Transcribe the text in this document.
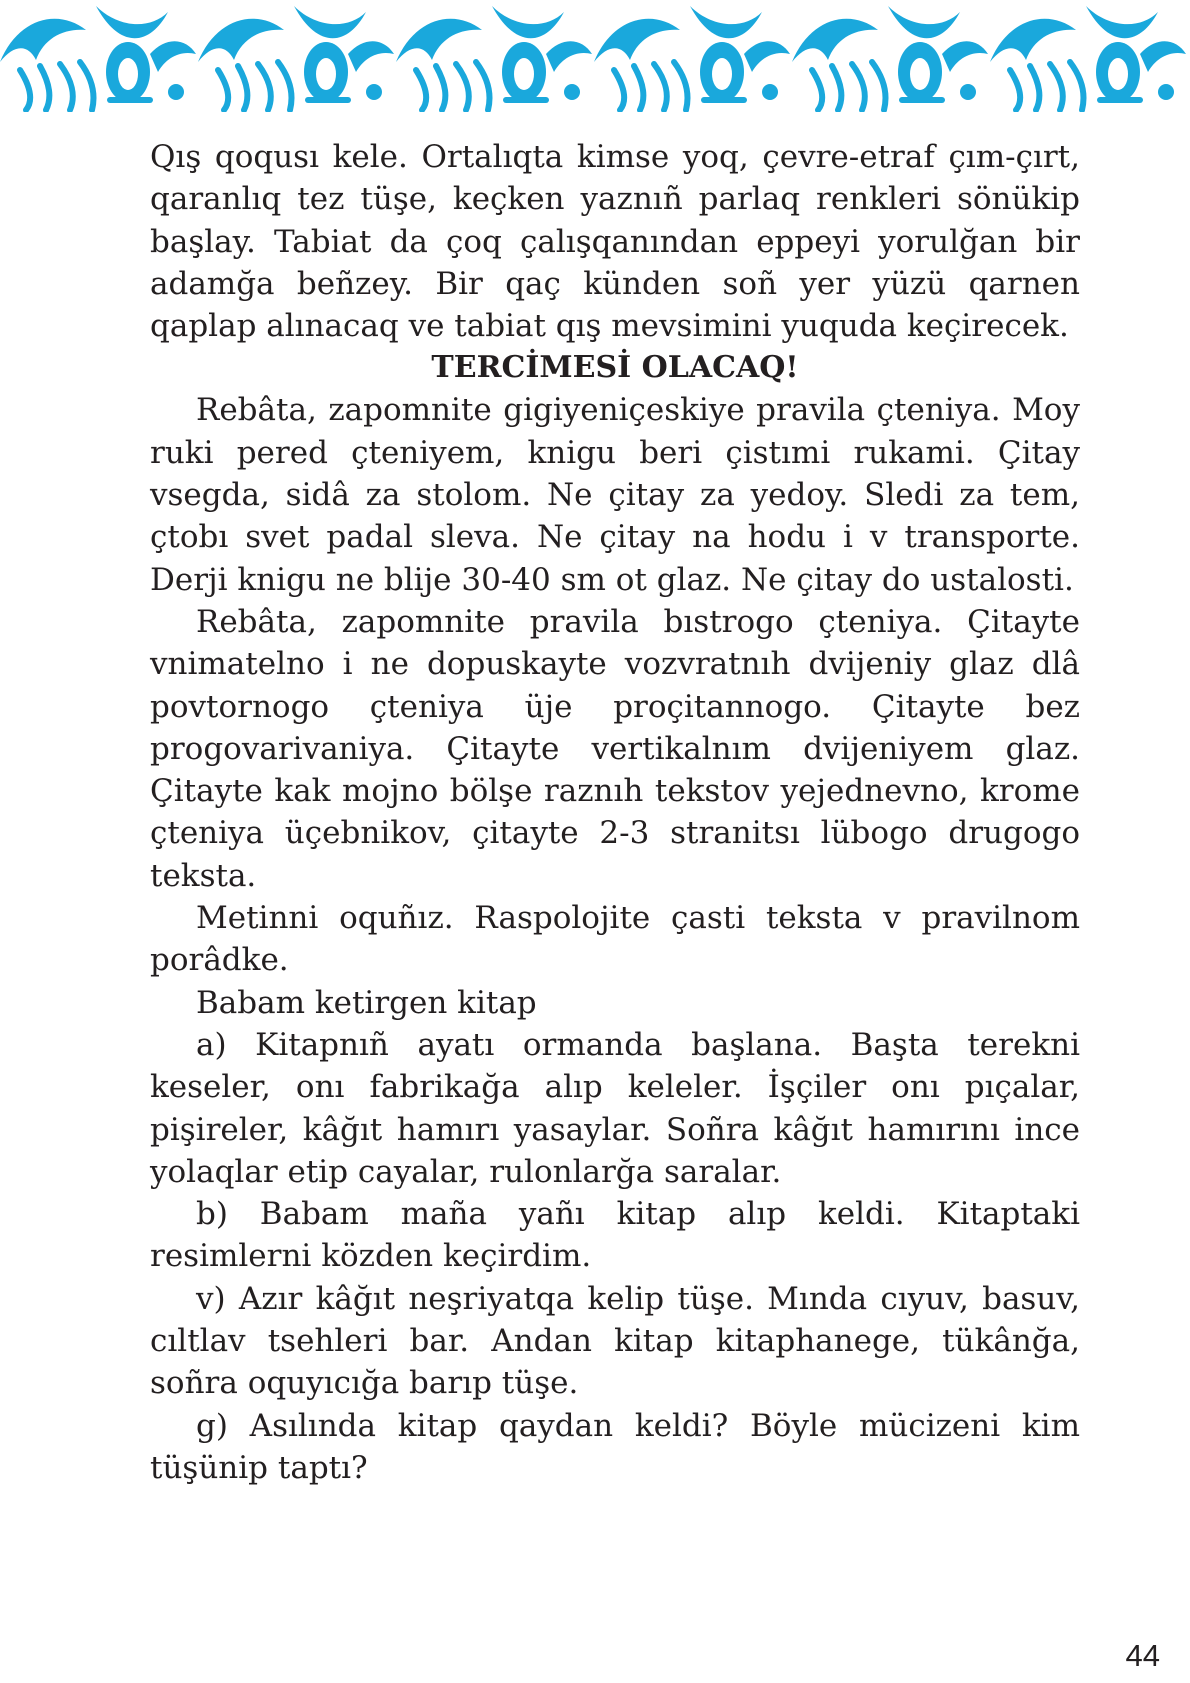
Qış qoqusı kele. Ortalıqta kimse yoq, çevre-etraf çım-çırt, qaranlıq tez tüşe, keçken yaznıñ parlaq renkleri sönükip başlay. Tabiat da çoq çalışqanından eppeyi yorulğan bir adamğa beñzey. Bir qaç künden soñ yer yüzü qarnen qaplap alınacaq ve tabiat qış mevsimini yuquda keçirecek.

TERCİMESİ OLACAQ!

Rebâta, zapomnite gigiyeniçeskiye pravila çteniya. Moy ruki pered çteniyem, knigu beri çistımi rukami. Çitay vsegda, sidâ za stolom. Ne çitay za yedoy. Sledi za tem, çtobı svet padal sleva. Ne çitay na hodu i v transporte. Derji knigu ne blije 30-40 sm ot glaz. Ne çitay do ustalosti.

Rebâta, zapomnite pravila bıstrogo çteniya. Çitayte vnimatelno i ne dopuskayte vozvratnıh dvijeniy glaz dlâ povtornogo çteniya üje proçitannogo. Çitayte bez progovarivaniya. Çitayte vertikalnım dvijeniyem glaz. Çitayte kak mojno bölşe raznıh tekstov yejednevno, krome çteniya üçebnikov, çitayte 2-3 stranitsı lübogo drugogo teksta.

Metinni oquñız. Raspolojite çasti teksta v pravilnom porâdke.

Babam ketirgen kitap

a) Kitapnıñ ayatı ormanda başlana. Başta terekni keseler, onı fabrikağa alıp keleler. İşçiler onı pıçalar, pişireler, kâğıt hamırı yasaylar. Soñra kâğıt hamırını ince yolaqlar etip cayalar, rulonlarğa saralar.

b) Babam maña yañı kitap alıp keldi. Kitaptaki resimlerni közden keçirdim.

v) Azır kâğıt neşriyatqa kelip tüşe. Mında cıyuv, basuv, cıltlav tsehleri bar. Andan kitap kitaphanege, tükânğa, soñra oquyıcığa barıp tüşe.

g) Asılında kitap qaydan keldi? Böyle mücizeni kim tüşünip taptı?

44
